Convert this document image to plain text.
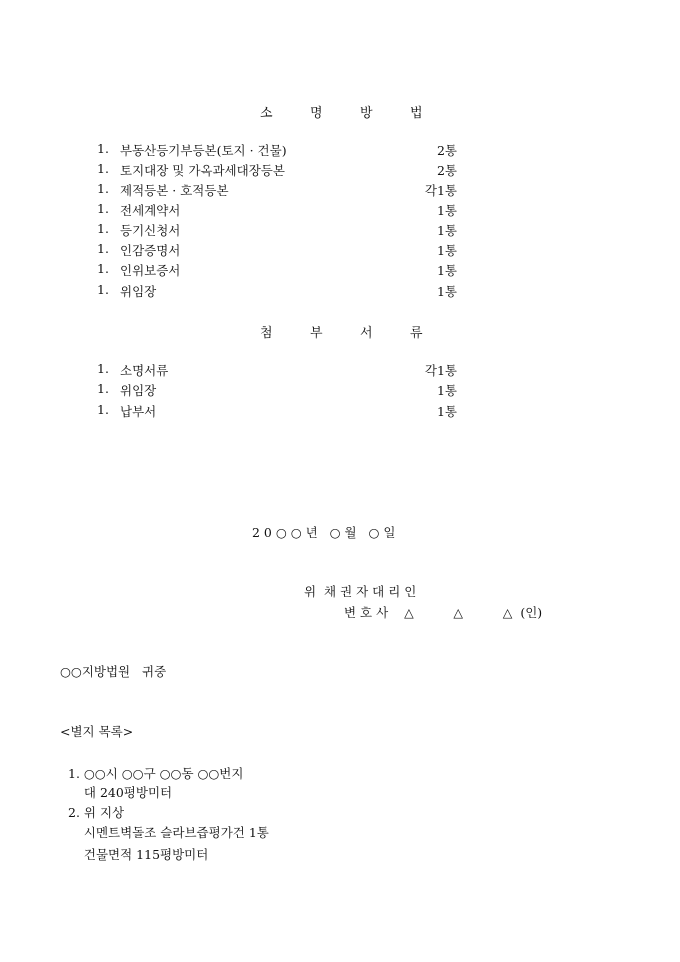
소	명	방	법
1. 부동산등기부등본(토지 · 건물)	2통
1. 토지대장 및 가옥과세대장등본	2통
1. 제적등본 · 호적등본	각1통
1. 전세계약서	1통
1. 등기신청서	1통
1. 인감증명서	1통
1. 인위보증서	1통
1. 위임장	1통
첨	부	서	류
1. 소명서류	각1통
1. 위임장	1통
1. 납부서	1통
2 0 ○ ○ 년   ○ 월   ○ 일
위  채 권 자 대 리 인
변 호 사    △          △          △  (인)
○○지방법원   귀중
<별지 목록>
1. ○○시 ○○구 ○○동 ○○번지
대 240평방미터
2. 위 지상
시멘트벽돌조 슬라브즙평가건 1통
건물면적 115평방미터
